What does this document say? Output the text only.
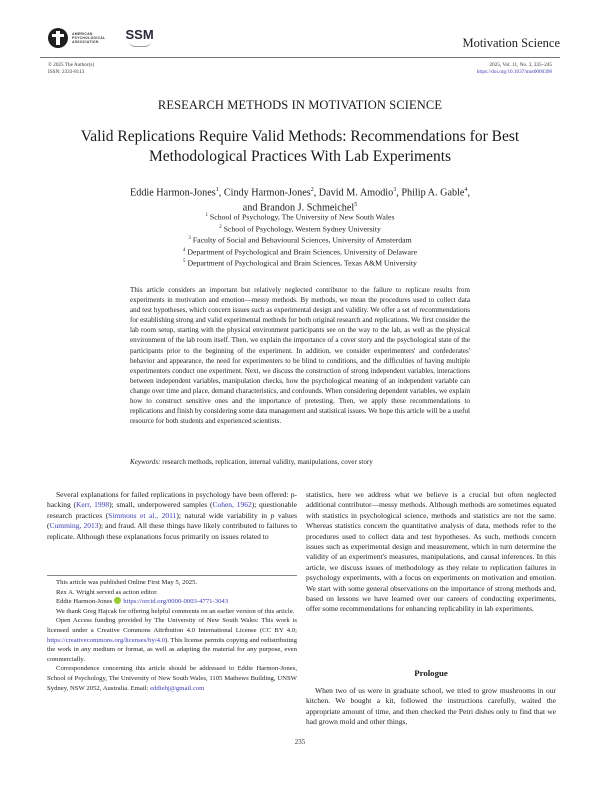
AMERICAN
PSYCHOLOGICAL
ASSOCIATION	SSM
Motivation Science
© 2025 The Author(s)
ISSN: 2333-8113
2025, Vol. 11, No. 3, 235–245
https://doi.org/10.1037/mot0000398
RESEARCH METHODS IN MOTIVATION SCIENCE
Valid Replications Require Valid Methods: Recommendations for Best Methodological Practices With Lab Experiments
Eddie Harmon-Jones$^1$, Cindy Harmon-Jones$^2$, David M. Amodio$^3$, Philip A. Gable$^4$,
and Brandon J. Schmeichel$^5$
$^1$ School of Psychology, The University of New South Wales
$^2$ School of Psychology, Western Sydney University
$^3$ Faculty of Social and Behavioural Sciences, University of Amsterdam
$^4$ Department of Psychological and Brain Sciences, University of Delaware
$^5$ Department of Psychological and Brain Sciences, Texas A&M University
This article considers an important but relatively neglected contributor to the failure to replicate results from experiments in motivation and emotion—messy methods. By methods, we mean the procedures used to collect data and test hypotheses, which concern issues such as experimental design and validity. We offer a set of recommendations for establishing strong and valid experimental methods for both original research and replications. We first consider the lab room setup, starting with the physical environment participants see on the way to the lab, as well as the physical environment of the lab room itself. Then, we explain the importance of a cover story and the psychological state of the participants prior to the beginning of the experiment. In addition, we consider experimenters' and confederates' behavior and appearance, the need for experimenters to be blind to conditions, and the difficulties of having multiple experimenters conduct one experiment. Next, we discuss the construction of strong independent variables, interactions between independent variables, manipulation checks, how the psychological meaning of an independent variable can change over time and place, demand characteristics, and confounds. When considering dependent variables, we explain how to construct sensitive ones and the importance of pretesting. Then, we apply these recommendations to replications and finish by considering some data management and statistical issues. We hope this article will be a useful resource for both students and experienced scientists.
Keywords: research methods, replication, internal validity, manipulations, cover story
Several explanations for failed replications in psychology have been offered: p-hacking (Kerr, 1998); small, underpowered samples (Cohen, 1962); questionable research practices (Simmons et al., 2011); natural wide variability in p values (Cumming, 2013); and fraud. All these things have likely contributed to failures to replicate. Although these explanations focus primarily on issues related to
statistics, here we address what we believe is a crucial but often neglected additional contributor—messy methods. Although methods are sometimes equated with statistics in psychological science, methods and statistics are not the same. Whereas statistics concern the quantitative analysis of data, methods refer to the procedures used to collect data and test hypotheses. As such, methods concern issues such as experimental design and measurement, which in turn determine the validity of an experiment's measures, manipulations, and causal inferences. In this article, we discuss issues of methodology as they relate to replication failures in psychology experiments, with a focus on experiments on motivation and emotion. We start with some general observations on the importance of strong methods and, based on lessons we have learned over our careers of conducting experiments, offer some recommendations for enhancing replicability in lab experiments.

This article was published Online First May 5, 2025.

Rex A. Wright served as action editor.

Eddie Harmon-Jones https://orcid.org/0000-0003-4771-3043

We thank Greg Hajcak for offering helpful comments on an earlier version of this article.

Open Access funding provided by The University of New South Wales: This work is licensed under a Creative Commons Attribution 4.0 International License (CC BY 4.0; https://creativecommons.org/licenses/by/4.0). This license permits copying and redistributing the work in any medium or format, as well as adapting the material for any purpose, even commercially.

Correspondence concerning this article should be addressed to Eddie Harmon-Jones, School of Psychology, The University of New South Wales, 1105 Mathews Building, UNSW Sydney, NSW 2052, Australia. Email: eddiehj@gmail.com

Prologue
When two of us were in graduate school, we tried to grow mushrooms in our kitchen. We bought a kit, followed the instructions carefully, waited the appropriate amount of time, and then checked the Petri dishes only to find that we had grown mold and other things,
235
